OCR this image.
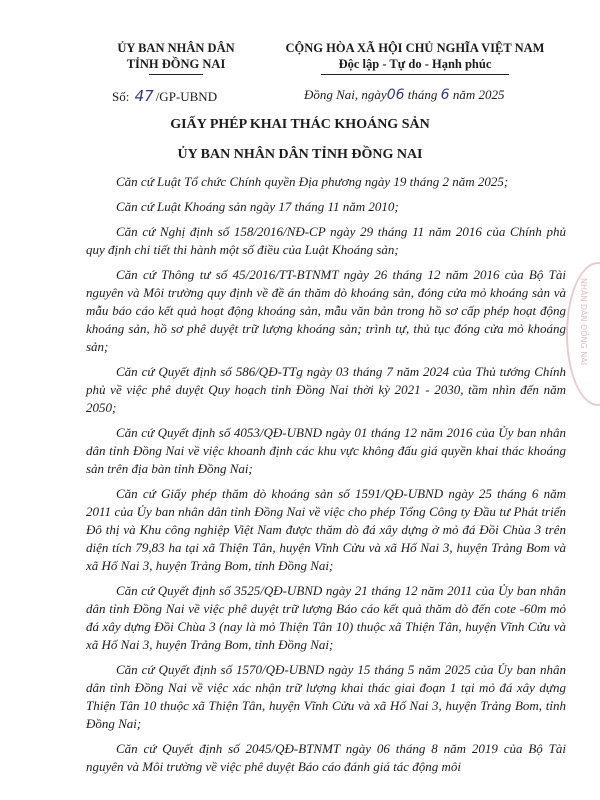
ỦY BAN NHÂN DÂN
TỈNH ĐỒNG NAI
CỘNG HÒA XÃ HỘI CHỦ NGHĨA VIỆT NAM
Độc lập - Tự do - Hạnh phúc
Số: 47 /GP-UBND	Đồng Nai, ngày06 tháng 6 năm 2025
GIẤY PHÉP KHAI THÁC KHOÁNG SẢN
ỦY BAN NHÂN DÂN TỈNH ĐỒNG NAI

Căn cứ Luật Tổ chức Chính quyền Địa phương ngày 19 tháng 2 năm 2025;

Căn cứ Luật Khoáng sản ngày 17 tháng 11 năm 2010;

Căn cứ Nghị định số 158/2016/NĐ-CP ngày 29 tháng 11 năm 2016 của Chính phủ quy định chi tiết thi hành một số điều của Luật Khoáng sản;

Căn cứ Thông tư số 45/2016/TT-BTNMT ngày 26 tháng 12 năm 2016 của Bộ Tài nguyên và Môi trường quy định về đề án thăm dò khoáng sản, đóng cửa mỏ khoáng sản và mẫu báo cáo kết quả hoạt động khoáng sản, mẫu văn bản trong hồ sơ cấp phép hoạt động khoáng sản, hồ sơ phê duyệt trữ lượng khoáng sản; trình tự, thủ tục đóng cửa mỏ khoáng sản;

Căn cứ Quyết định số 586/QĐ-TTg ngày 03 tháng 7 năm 2024 của Thủ tướng Chính phủ về việc phê duyệt Quy hoạch tỉnh Đồng Nai thời kỳ 2021 - 2030, tầm nhìn đến năm 2050;

Căn cứ Quyết định số 4053/QĐ-UBND ngày 01 tháng 12 năm 2016 của Ủy ban nhân dân tỉnh Đồng Nai về việc khoanh định các khu vực không đấu giá quyền khai thác khoáng sản trên địa bàn tỉnh Đồng Nai;

Căn cứ Giấy phép thăm dò khoáng sản số 1591/QĐ-UBND ngày 25 tháng 6 năm 2011 của Ủy ban nhân dân tỉnh Đồng Nai về việc cho phép Tổng Công ty Đầu tư Phát triển Đô thị và Khu công nghiệp Việt Nam được thăm dò đá xây dựng ở mỏ đá Đồi Chùa 3 trên diện tích 79,83 ha tại xã Thiện Tân, huyện Vĩnh Cửu và xã Hố Nai 3, huyện Trảng Bom và xã Hố Nai 3, huyện Trảng Bom, tỉnh Đồng Nai;

Căn cứ Quyết định số 3525/QĐ-UBND ngày 21 tháng 12 năm 2011 của Ủy ban nhân dân tỉnh Đồng Nai về việc phê duyệt trữ lượng Báo cáo kết quả thăm dò đến cote -60m mỏ đá xây dựng Đồi Chùa 3 (nay là mỏ Thiện Tân 10) thuộc xã Thiện Tân, huyện Vĩnh Cửu và xã Hố Nai 3, huyện Trảng Bom, tỉnh Đồng Nai;

Căn cứ Quyết định số 1570/QĐ-UBND ngày 15 tháng 5 năm 2025 của Ủy ban nhân dân tỉnh Đồng Nai về việc xác nhận trữ lượng khai thác giai đoạn 1 tại mỏ đá xây dựng Thiện Tân 10 thuộc xã Thiện Tân, huyện Vĩnh Cửu và xã Hố Nai 3, huyện Trảng Bom, tỉnh Đồng Nai;

Căn cứ Quyết định số 2045/QĐ-BTNMT ngày 06 tháng 8 năm 2019 của Bộ Tài nguyên và Môi trường về việc phê duyệt Báo cáo đánh giá tác động môi

NHÂN DÂN ĐỒNG NAI
